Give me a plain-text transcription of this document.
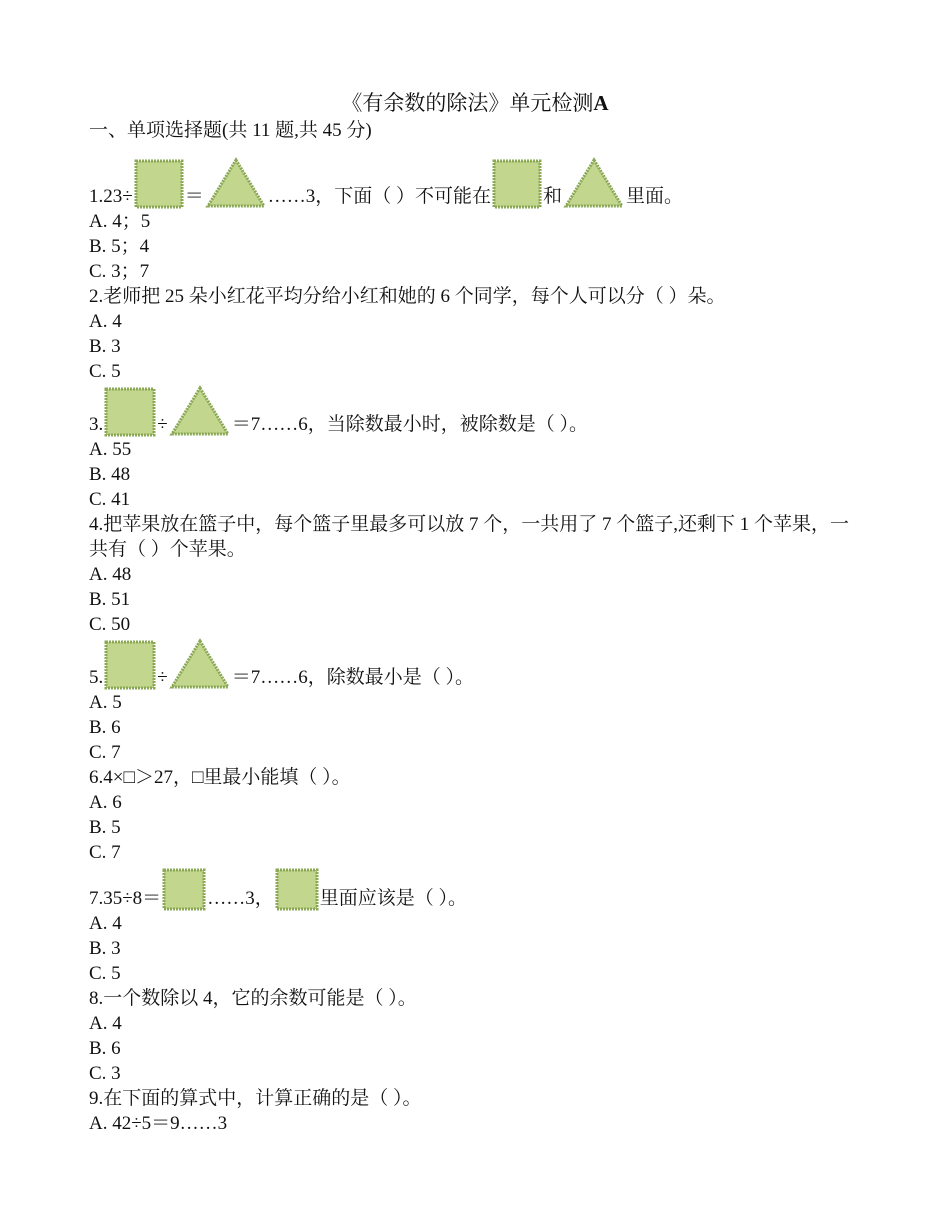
《有余数的除法》单元检测A
一、单项选择题(共 11 题,共 45 分)
1.23÷	＝	……3，下面（ ）不可能在	和	里面。
A. 4；5
B. 5；4
C. 3；7
2.老师把 25 朵小红花平均分给小红和她的 6 个同学，每个人可以分（ ）朵。
A. 4
B. 3
C. 5
3.	÷	＝7……6，当除数最小时，被除数是（ ）。
A. 55
B. 48
C. 41
4.把苹果放在篮子中，每个篮子里最多可以放 7 个，一共用了 7 个篮子,还剩下 1 个苹果，一共有（ ）个苹果。
A. 48
B. 51
C. 50
5.	÷	＝7……6，除数最小是（ ）。
A. 5
B. 6
C. 7
6.4×□＞27，□里最小能填（ ）。
A. 6
B. 5
C. 7
7.35÷8＝ ……3， 里面应该是（ ）。
A. 4
B. 3
C. 5
8.一个数除以 4，它的余数可能是（ ）。
A. 4
B. 6
C. 3
9.在下面的算式中，计算正确的是（ ）。
A. 42÷5＝9……3
